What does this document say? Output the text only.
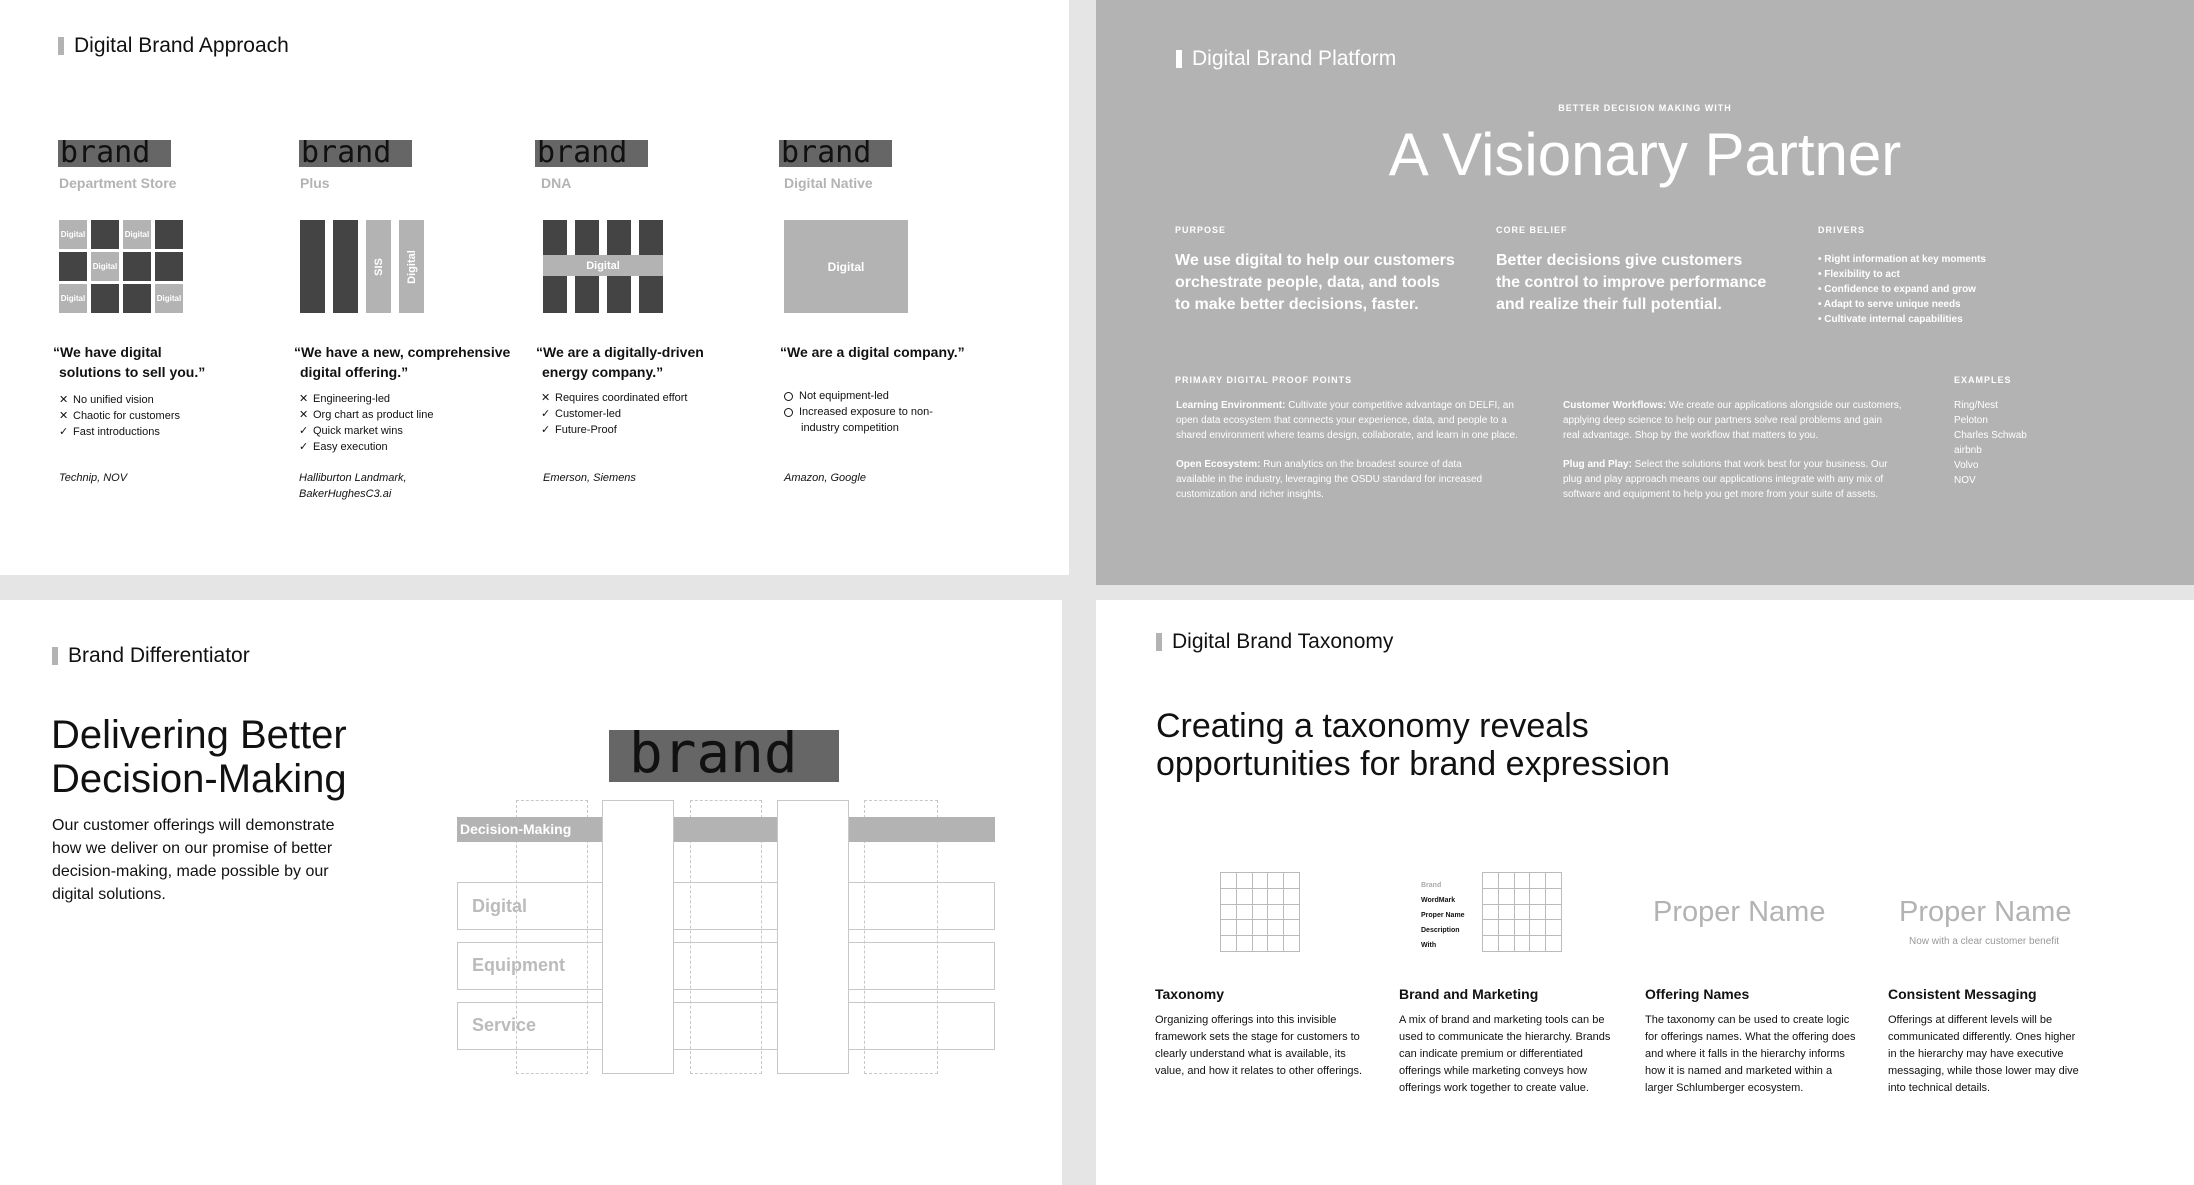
Digital Brand Approach
brand
Department Store
Digital	Digital
Digital
Digital	Digital
“We have digital
solutions to sell you.”
✕ No unified vision
✕ Chaotic for customers
✓ Fast introductions
Technip, NOV
brand
Plus
SIS Digital
“We have a new, comprehensive
digital offering.”
✕ Engineering-led
✕ Org chart as product line
✓ Quick market wins
✓ Easy execution
Halliburton Landmark,
BakerHughesC3.ai
brand
DNA
Digital
“We are a digitally-driven
energy company.”
✕ Requires coordinated effort
✓ Customer-led
✓ Future-Proof
Emerson, Siemens
brand
Digital Native
Digital
“We are a digital company.”
Not equipment-led
Increased exposure to non-
industry competition
Amazon, Google
Digital Brand Platform
BETTER DECISION MAKING WITH
A Visionary Partner
PURPOSE
We use digital to help our customers
orchestrate people, data, and tools
to make better decisions, faster.
CORE BELIEF
Better decisions give customers
the control to improve performance
and realize their full potential.
DRIVERS
• Right information at key moments
• Flexibility to act
• Confidence to expand and grow
• Adapt to serve unique needs
• Cultivate internal capabilities
PRIMARY DIGITAL PROOF POINTS
Learning Environment: Cultivate your competitive advantage on DELFI, an
open data ecosystem that connects your experience, data, and people to a
shared environment where teams design, collaborate, and learn in one place.
Open Ecosystem: Run analytics on the broadest source of data
available in the industry, leveraging the OSDU standard for increased
customization and richer insights.
Customer Workflows: We create our applications alongside our customers,
applying deep science to help our partners solve real problems and gain
real advantage. Shop by the workflow that matters to you.
Plug and Play: Select the solutions that work best for your business. Our
plug and play approach means our applications integrate with any mix of
software and equipment to help you get more from your suite of assets.
EXAMPLES
Ring/Nest
Peloton
Charles Schwab
airbnb
Volvo
NOV
Brand Differentiator
Delivering Better
Decision-Making
Our customer offerings will demonstrate
how we deliver on our promise of better
decision-making, made possible by our
digital solutions.
Decision-Making
Digital
Equipment
Service
brand
Digital Brand Taxonomy
Creating a taxonomy reveals
opportunities for brand expression
Brand
WordMark
Proper Name
Description
With
Proper Name	Proper Name
Now with a clear customer benefit
Taxonomy
Organizing offerings into this invisible
framework sets the stage for customers to
clearly understand what is available, its
value, and how it relates to other offerings.
Brand and Marketing
A mix of brand and marketing tools can be
used to communicate the hierarchy. Brands
can indicate premium or differentiated
offerings while marketing conveys how
offerings work together to create value.
Offering Names
The taxonomy can be used to create logic
for offerings names. What the offering does
and where it falls in the hierarchy informs
how it is named and marketed within a
larger Schlumberger ecosystem.
Consistent Messaging
Offerings at different levels will be
communicated differently. Ones higher
in the hierarchy may have executive
messaging, while those lower may dive
into technical details.
